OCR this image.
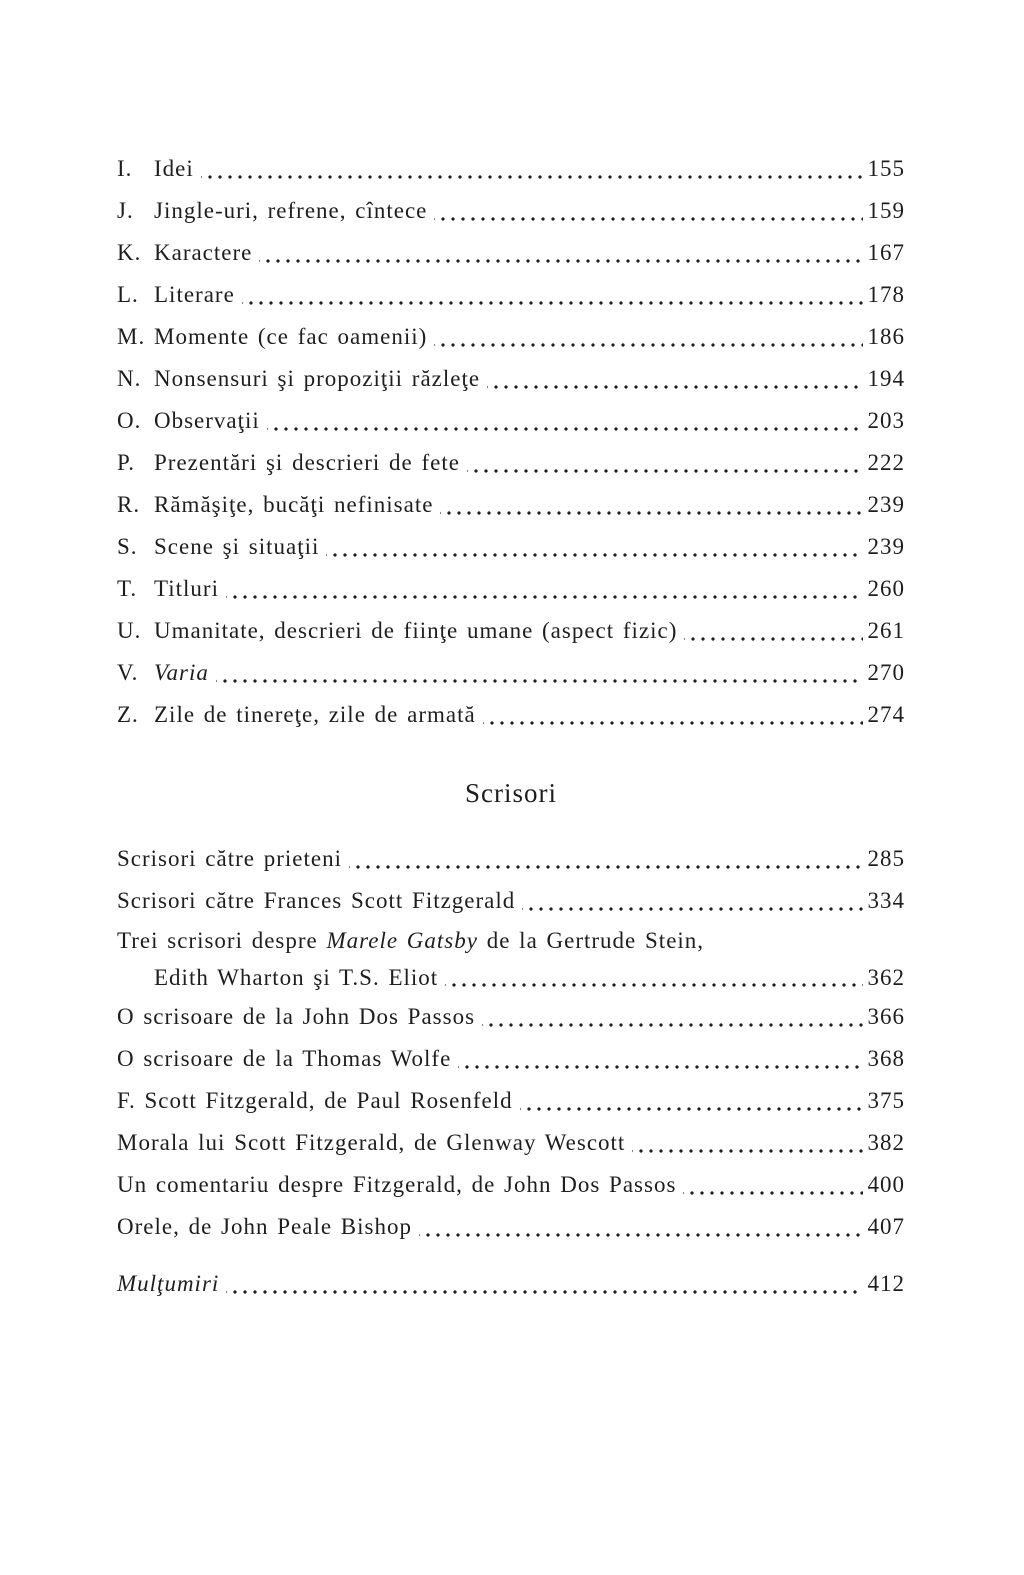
I. Idei	155
J. Jingle-uri, refrene, cîntece	159
K. Karactere	167
L. Literare	178
M. Momente (ce fac oamenii)	186
N. Nonsensuri şi propoziţii răzleţe	194
O. Observaţii	203
P. Prezentări şi descrieri de fete	222
R. Rămăşiţe, bucăţi nefinisate	239
S. Scene şi situaţii	239
T. Titluri	260
U. Umanitate, descrieri de fiinţe umane (aspect fizic)	261
V. Varia	270
Z. Zile de tinereţe, zile de armată	274
Scrisori
Scrisori către prieteni	285
Scrisori către Frances Scott Fitzgerald	334
Trei scrisori despre Marele Gatsby de la Gertrude Stein,
Edith Wharton şi T.S. Eliot	362
O scrisoare de la John Dos Passos	366
O scrisoare de la Thomas Wolfe	368
F. Scott Fitzgerald, de Paul Rosenfeld	375
Morala lui Scott Fitzgerald, de Glenway Wescott	382
Un comentariu despre Fitzgerald, de John Dos Passos	400
Orele, de John Peale Bishop	407
Mulţumiri	412
